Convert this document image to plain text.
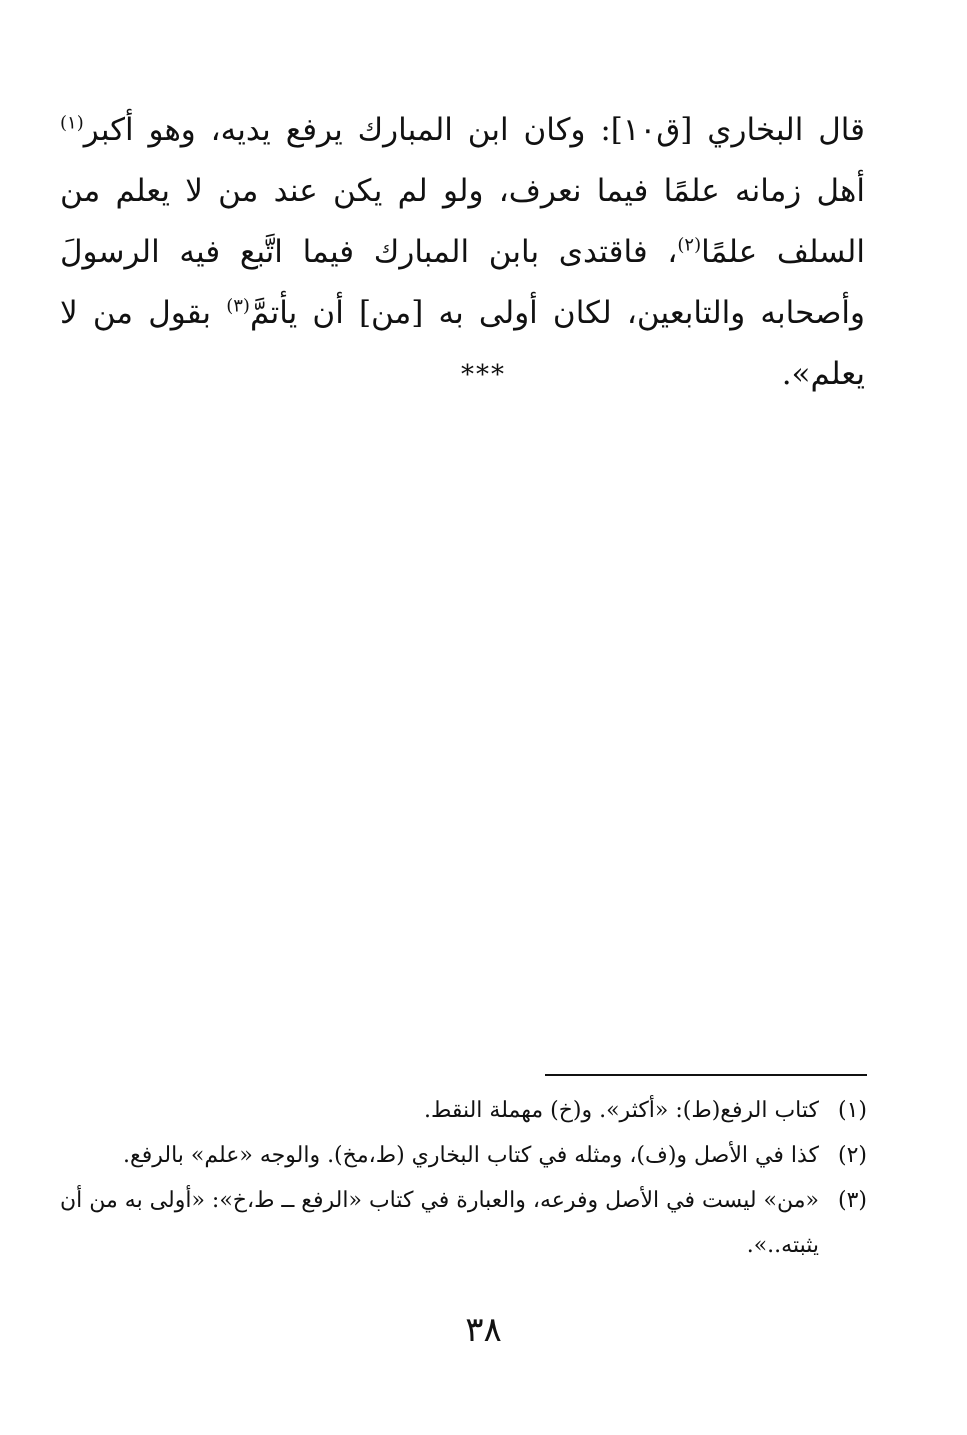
قال البخاري [ق١٠]: وكان ابن المبارك يرفع يديه، وهو أكبر$^{(١)}$ أهل زمانه علمًا فيما نعرف، ولو لم يكن عند من لا يعلم من السلف علمًا$^{(٢)}$، فاقتدى بابن المبارك فيما اتَّبع فيه الرسولَ وأصحابه والتابعين، لكان أولى به [من] أن يأتمَّ$^{(٣)}$ بقول من لا يعلم».

***
(١)
كتاب الرفع(ط): «أكثر». و(خ) مهملة النقط.
(٢)
كذا في الأصل و(ف)، ومثله في كتاب البخاري (ط،مخ). والوجه «علم» بالرفع.
(٣)
«من» ليست في الأصل وفرعه، والعبارة في كتاب «الرفع ــ ط،خ»: «أولى به من أن يثبته..».
٣٨
